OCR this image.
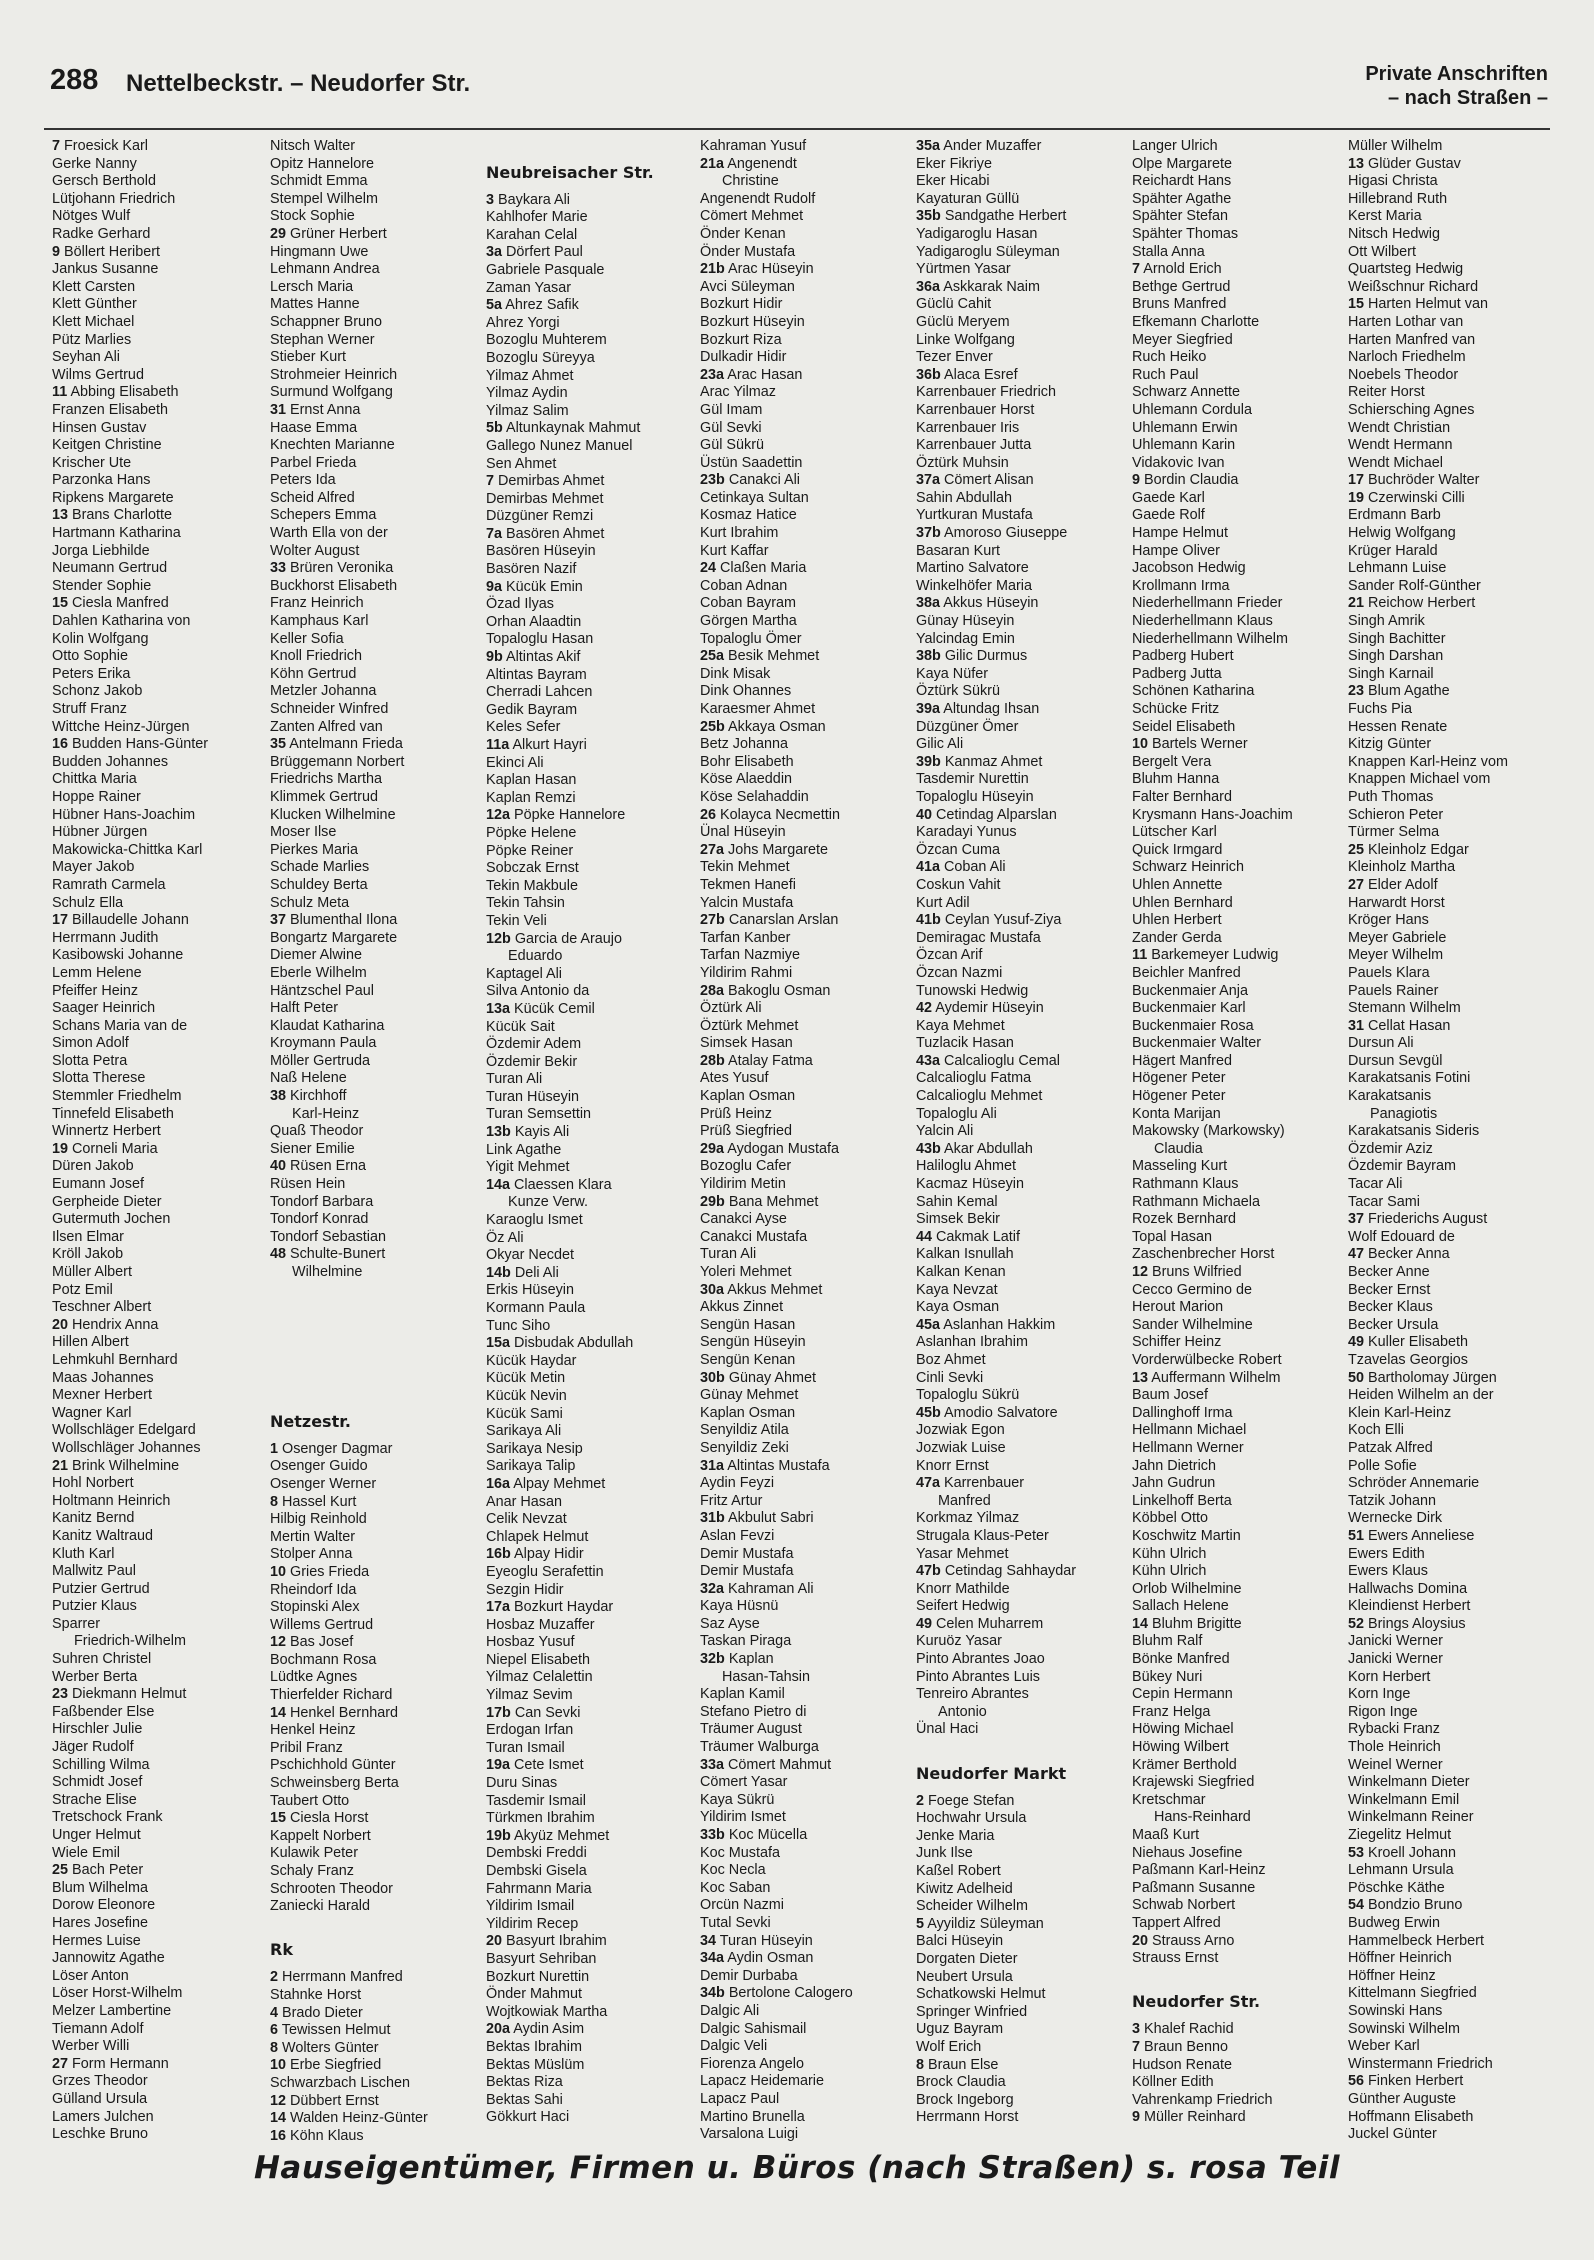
288 Nettelbeckstr. – Neudorfer Str.	Private Anschriften
– nach Straßen –
7 Froesick Karl
Gerke Nanny
Gersch Berthold
Lütjohann Friedrich
Nötges Wulf
Radke Gerhard
9 Böllert Heribert
Jankus Susanne
Klett Carsten
Klett Günther
Klett Michael
Pütz Marlies
Seyhan Ali
Wilms Gertrud
11 Abbing Elisabeth
Franzen Elisabeth
Hinsen Gustav
Keitgen Christine
Krischer Ute
Parzonka Hans
Ripkens Margarete
13 Brans Charlotte
Hartmann Katharina
Jorga Liebhilde
Neumann Gertrud
Stender Sophie
15 Ciesla Manfred
Dahlen Katharina von
Kolin Wolfgang
Otto Sophie
Peters Erika
Schonz Jakob
Struff Franz
Wittche Heinz-Jürgen
16 Budden Hans-Günter
Budden Johannes
Chittka Maria
Hoppe Rainer
Hübner Hans-Joachim
Hübner Jürgen
Makowicka-Chittka Karl
Mayer Jakob
Ramrath Carmela
Schulz Ella
17 Billaudelle Johann
Herrmann Judith
Kasibowski Johanne
Lemm Helene
Pfeiffer Heinz
Saager Heinrich
Schans Maria van de
Simon Adolf
Slotta Petra
Slotta Therese
Stemmler Friedhelm
Tinnefeld Elisabeth
Winnertz Herbert
19 Corneli Maria
Düren Jakob
Eumann Josef
Gerpheide Dieter
Gutermuth Jochen
Ilsen Elmar
Kröll Jakob
Müller Albert
Potz Emil
Teschner Albert
20 Hendrix Anna
Hillen Albert
Lehmkuhl Bernhard
Maas Johannes
Mexner Herbert
Wagner Karl
Wollschläger Edelgard
Wollschläger Johannes
21 Brink Wilhelmine
Hohl Norbert
Holtmann Heinrich
Kanitz Bernd
Kanitz Waltraud
Kluth Karl
Mallwitz Paul
Putzier Gertrud
Putzier Klaus
Sparrer
Friedrich-Wilhelm
Suhren Christel
Werber Berta
23 Diekmann Helmut
Faßbender Else
Hirschler Julie
Jäger Rudolf
Schilling Wilma
Schmidt Josef
Strache Elise
Tretschock Frank
Unger Helmut
Wiele Emil
25 Bach Peter
Blum Wilhelma
Dorow Eleonore
Hares Josefine
Hermes Luise
Jannowitz Agathe
Löser Anton
Löser Horst-Wilhelm
Melzer Lambertine
Tiemann Adolf
Werber Willi
27 Form Hermann
Grzes Theodor
Gülland Ursula
Lamers Julchen
Leschke Bruno
Nitsch Walter
Opitz Hannelore
Schmidt Emma
Stempel Wilhelm
Stock Sophie
29 Grüner Herbert
Hingmann Uwe
Lehmann Andrea
Lersch Maria
Mattes Hanne
Schappner Bruno
Stephan Werner
Stieber Kurt
Strohmeier Heinrich
Surmund Wolfgang
31 Ernst Anna
Haase Emma
Knechten Marianne
Parbel Frieda
Peters Ida
Scheid Alfred
Schepers Emma
Warth Ella von der
Wolter August
33 Brüren Veronika
Buckhorst Elisabeth
Franz Heinrich
Kamphaus Karl
Keller Sofia
Knoll Friedrich
Köhn Gertrud
Metzler Johanna
Schneider Winfred
Zanten Alfred van
35 Antelmann Frieda
Brüggemann Norbert
Friedrichs Martha
Klimmek Gertrud
Klucken Wilhelmine
Moser Ilse
Pierkes Maria
Schade Marlies
Schuldey Berta
Schulz Meta
37 Blumenthal Ilona
Bongartz Margarete
Diemer Alwine
Eberle Wilhelm
Häntzschel Paul
Halft Peter
Klaudat Katharina
Kroymann Paula
Möller Gertruda
Naß Helene
38 Kirchhoff
Karl-Heinz
Quaß Theodor
Siener Emilie
40 Rüsen Erna
Rüsen Hein
Tondorf Barbara
Tondorf Konrad
Tondorf Sebastian
48 Schulte-Bunert
Wilhelmine
Netzestr.
1 Osenger Dagmar
Osenger Guido
Osenger Werner
8 Hassel Kurt
Hilbig Reinhold
Mertin Walter
Stolper Anna
10 Gries Frieda
Rheindorf Ida
Stopinski Alex
Willems Gertrud
12 Bas Josef
Bochmann Rosa
Lüdtke Agnes
Thierfelder Richard
14 Henkel Bernhard
Henkel Heinz
Pribil Franz
Pschichhold Günter
Schweinsberg Berta
Taubert Otto
15 Ciesla Horst
Kappelt Norbert
Kulawik Peter
Schaly Franz
Schrooten Theodor
Zaniecki Harald
Rk
2 Herrmann Manfred
Stahnke Horst
4 Brado Dieter
6 Tewissen Helmut
8 Wolters Günter
10 Erbe Siegfried
Schwarzbach Lischen
12 Dübbert Ernst
14 Walden Heinz-Günter
16 Köhn Klaus
Neubreisacher Str.
3 Baykara Ali
Kahlhofer Marie
Karahan Celal
3a Dörfert Paul
Gabriele Pasquale
Zaman Yasar
5a Ahrez Safik
Ahrez Yorgi
Bozoglu Muhterem
Bozoglu Süreyya
Yilmaz Ahmet
Yilmaz Aydin
Yilmaz Salim
5b Altunkaynak Mahmut
Gallego Nunez Manuel
Sen Ahmet
7 Demirbas Ahmet
Demirbas Mehmet
Düzgüner Remzi
7a Basören Ahmet
Basören Hüseyin
Basören Nazif
9a Kücük Emin
Özad Ilyas
Orhan Alaadtin
Topaloglu Hasan
9b Altintas Akif
Altintas Bayram
Cherradi Lahcen
Gedik Bayram
Keles Sefer
11a Alkurt Hayri
Ekinci Ali
Kaplan Hasan
Kaplan Remzi
12a Pöpke Hannelore
Pöpke Helene
Pöpke Reiner
Sobczak Ernst
Tekin Makbule
Tekin Tahsin
Tekin Veli
12b Garcia de Araujo
Eduardo
Kaptagel Ali
Silva Antonio da
13a Kücük Cemil
Kücük Sait
Özdemir Adem
Özdemir Bekir
Turan Ali
Turan Hüseyin
Turan Semsettin
13b Kayis Ali
Link Agathe
Yigit Mehmet
14a Claessen Klara
Kunze Verw.
Karaoglu Ismet
Öz Ali
Okyar Necdet
14b Deli Ali
Erkis Hüseyin
Kormann Paula
Tunc Siho
15a Disbudak Abdullah
Kücük Haydar
Kücük Metin
Kücük Nevin
Kücük Sami
Sarikaya Ali
Sarikaya Nesip
Sarikaya Talip
16a Alpay Mehmet
Anar Hasan
Celik Nevzat
Chlapek Helmut
16b Alpay Hidir
Eyeoglu Serafettin
Sezgin Hidir
17a Bozkurt Haydar
Hosbaz Muzaffer
Hosbaz Yusuf
Niepel Elisabeth
Yilmaz Celalettin
Yilmaz Sevim
17b Can Sevki
Erdogan Irfan
Turan Ismail
19a Cete Ismet
Duru Sinas
Tasdemir Ismail
Türkmen Ibrahim
19b Akyüz Mehmet
Dembski Freddi
Dembski Gisela
Fahrmann Maria
Yildirim Ismail
Yildirim Recep
20 Basyurt Ibrahim
Basyurt Sehriban
Bozkurt Nurettin
Önder Mahmut
Wojtkowiak Martha
20a Aydin Asim
Bektas Ibrahim
Bektas Müslüm
Bektas Riza
Bektas Sahi
Gökkurt Haci
Kahraman Yusuf
21a Angenendt
Christine
Angenendt Rudolf
Cömert Mehmet
Önder Kenan
Önder Mustafa
21b Arac Hüseyin
Avci Süleyman
Bozkurt Hidir
Bozkurt Hüseyin
Bozkurt Riza
Dulkadir Hidir
23a Arac Hasan
Arac Yilmaz
Gül Imam
Gül Sevki
Gül Sükrü
Üstün Saadettin
23b Canakci Ali
Cetinkaya Sultan
Kosmaz Hatice
Kurt Ibrahim
Kurt Kaffar
24 Claßen Maria
Coban Adnan
Coban Bayram
Görgen Martha
Topaloglu Ömer
25a Besik Mehmet
Dink Misak
Dink Ohannes
Karaesmer Ahmet
25b Akkaya Osman
Betz Johanna
Bohr Elisabeth
Köse Alaeddin
Köse Selahaddin
26 Kolayca Necmettin
Ünal Hüseyin
27a Johs Margarete
Tekin Mehmet
Tekmen Hanefi
Yalcin Mustafa
27b Canarslan Arslan
Tarfan Kanber
Tarfan Nazmiye
Yildirim Rahmi
28a Bakoglu Osman
Öztürk Ali
Öztürk Mehmet
Simsek Hasan
28b Atalay Fatma
Ates Yusuf
Kaplan Osman
Prüß Heinz
Prüß Siegfried
29a Aydogan Mustafa
Bozoglu Cafer
Yildirim Metin
29b Bana Mehmet
Canakci Ayse
Canakci Mustafa
Turan Ali
Yoleri Mehmet
30a Akkus Mehmet
Akkus Zinnet
Sengün Hasan
Sengün Hüseyin
Sengün Kenan
30b Günay Ahmet
Günay Mehmet
Kaplan Osman
Senyildiz Atila
Senyildiz Zeki
31a Altintas Mustafa
Aydin Feyzi
Fritz Artur
31b Akbulut Sabri
Aslan Fevzi
Demir Mustafa
Demir Mustafa
32a Kahraman Ali
Kaya Hüsnü
Saz Ayse
Taskan Piraga
32b Kaplan
Hasan-Tahsin
Kaplan Kamil
Stefano Pietro di
Träumer August
Träumer Walburga
33a Cömert Mahmut
Cömert Yasar
Kaya Sükrü
Yildirim Ismet
33b Koc Mücella
Koc Mustafa
Koc Necla
Koc Saban
Orcün Nazmi
Tutal Sevki
34 Turan Hüseyin
34a Aydin Osman
Demir Durbaba
34b Bertolone Calogero
Dalgic Ali
Dalgic Sahismail
Dalgic Veli
Fiorenza Angelo
Lapacz Heidemarie
Lapacz Paul
Martino Brunella
Varsalona Luigi
35a Ander Muzaffer
Eker Fikriye
Eker Hicabi
Kayaturan Güllü
35b Sandgathe Herbert
Yadigaroglu Hasan
Yadigaroglu Süleyman
Yürtmen Yasar
36a Askkarak Naim
Güclü Cahit
Güclü Meryem
Linke Wolfgang
Tezer Enver
36b Alaca Esref
Karrenbauer Friedrich
Karrenbauer Horst
Karrenbauer Iris
Karrenbauer Jutta
Öztürk Muhsin
37a Cömert Alisan
Sahin Abdullah
Yurtkuran Mustafa
37b Amoroso Giuseppe
Basaran Kurt
Martino Salvatore
Winkelhöfer Maria
38a Akkus Hüseyin
Günay Hüseyin
Yalcindag Emin
38b Gilic Durmus
Kaya Nüfer
Öztürk Sükrü
39a Altundag Ihsan
Düzgüner Ömer
Gilic Ali
39b Kanmaz Ahmet
Tasdemir Nurettin
Topaloglu Hüseyin
40 Cetindag Alparslan
Karadayi Yunus
Özcan Cuma
41a Coban Ali
Coskun Vahit
Kurt Adil
41b Ceylan Yusuf-Ziya
Demiragac Mustafa
Özcan Arif
Özcan Nazmi
Tunowski Hedwig
42 Aydemir Hüseyin
Kaya Mehmet
Tuzlacik Hasan
43a Calcalioglu Cemal
Calcalioglu Fatma
Calcalioglu Mehmet
Topaloglu Ali
Yalcin Ali
43b Akar Abdullah
Haliloglu Ahmet
Kacmaz Hüseyin
Sahin Kemal
Simsek Bekir
44 Cakmak Latif
Kalkan Isnullah
Kalkan Kenan
Kaya Nevzat
Kaya Osman
45a Aslanhan Hakkim
Aslanhan Ibrahim
Boz Ahmet
Cinli Sevki
Topaloglu Sükrü
45b Amodio Salvatore
Jozwiak Egon
Jozwiak Luise
Knorr Ernst
47a Karrenbauer
Manfred
Korkmaz Yilmaz
Strugala Klaus-Peter
Yasar Mehmet
47b Cetindag Sahhaydar
Knorr Mathilde
Seifert Hedwig
49 Celen Muharrem
Kuruöz Yasar
Pinto Abrantes Joao
Pinto Abrantes Luis
Tenreiro Abrantes
Antonio
Ünal Haci
Neudorfer Markt
2 Foege Stefan
Hochwahr Ursula
Jenke Maria
Junk Ilse
Kaßel Robert
Kiwitz Adelheid
Scheider Wilhelm
5 Ayyildiz Süleyman
Balci Hüseyin
Dorgaten Dieter
Neubert Ursula
Schatkowski Helmut
Springer Winfried
Uguz Bayram
Wolf Erich
8 Braun Else
Brock Claudia
Brock Ingeborg
Herrmann Horst
Langer Ulrich
Olpe Margarete
Reichardt Hans
Spähter Agathe
Spähter Stefan
Spähter Thomas
Stalla Anna
7 Arnold Erich
Bethge Gertrud
Bruns Manfred
Efkemann Charlotte
Meyer Siegfried
Ruch Heiko
Ruch Paul
Schwarz Annette
Uhlemann Cordula
Uhlemann Erwin
Uhlemann Karin
Vidakovic Ivan
9 Bordin Claudia
Gaede Karl
Gaede Rolf
Hampe Helmut
Hampe Oliver
Jacobson Hedwig
Krollmann Irma
Niederhellmann Frieder
Niederhellmann Klaus
Niederhellmann Wilhelm
Padberg Hubert
Padberg Jutta
Schönen Katharina
Schücke Fritz
Seidel Elisabeth
10 Bartels Werner
Bergelt Vera
Bluhm Hanna
Falter Bernhard
Krysmann Hans-Joachim
Lütscher Karl
Quick Irmgard
Schwarz Heinrich
Uhlen Annette
Uhlen Bernhard
Uhlen Herbert
Zander Gerda
11 Barkemeyer Ludwig
Beichler Manfred
Buckenmaier Anja
Buckenmaier Karl
Buckenmaier Rosa
Buckenmaier Walter
Hägert Manfred
Högener Peter
Högener Peter
Konta Marijan
Makowsky (Markowsky)
Claudia
Masseling Kurt
Rathmann Klaus
Rathmann Michaela
Rozek Bernhard
Topal Hasan
Zaschenbrecher Horst
12 Bruns Wilfried
Cecco Germino de
Herout Marion
Sander Wilhelmine
Schiffer Heinz
Vorderwülbecke Robert
13 Auffermann Wilhelm
Baum Josef
Dallinghoff Irma
Hellmann Michael
Hellmann Werner
Jahn Dietrich
Jahn Gudrun
Linkelhoff Berta
Köbbel Otto
Koschwitz Martin
Kühn Ulrich
Kühn Ulrich
Orlob Wilhelmine
Sallach Helene
14 Bluhm Brigitte
Bluhm Ralf
Bönke Manfred
Bükey Nuri
Cepin Hermann
Franz Helga
Höwing Michael
Höwing Wilbert
Krämer Berthold
Krajewski Siegfried
Kretschmar
Hans-Reinhard
Maaß Kurt
Niehaus Josefine
Paßmann Karl-Heinz
Paßmann Susanne
Schwab Norbert
Tappert Alfred
20 Strauss Arno
Strauss Ernst
Neudorfer Str.
3 Khalef Rachid
7 Braun Benno
Hudson Renate
Köllner Edith
Vahrenkamp Friedrich
9 Müller Reinhard
Müller Wilhelm
13 Glüder Gustav
Higasi Christa
Hillebrand Ruth
Kerst Maria
Nitsch Hedwig
Ott Wilbert
Quartsteg Hedwig
Weißschnur Richard
15 Harten Helmut van
Harten Lothar van
Harten Manfred van
Narloch Friedhelm
Noebels Theodor
Reiter Horst
Schiersching Agnes
Wendt Christian
Wendt Hermann
Wendt Michael
17 Buchröder Walter
19 Czerwinski Cilli
Erdmann Barb
Helwig Wolfgang
Krüger Harald
Lehmann Luise
Sander Rolf-Günther
21 Reichow Herbert
Singh Amrik
Singh Bachitter
Singh Darshan
Singh Karnail
23 Blum Agathe
Fuchs Pia
Hessen Renate
Kitzig Günter
Knappen Karl-Heinz vom
Knappen Michael vom
Puth Thomas
Schieron Peter
Türmer Selma
25 Kleinholz Edgar
Kleinholz Martha
27 Elder Adolf
Harwardt Horst
Kröger Hans
Meyer Gabriele
Meyer Wilhelm
Pauels Klara
Pauels Rainer
Stemann Wilhelm
31 Cellat Hasan
Dursun Ali
Dursun Sevgül
Karakatsanis Fotini
Karakatsanis
Panagiotis
Karakatsanis Sideris
Özdemir Aziz
Özdemir Bayram
Tacar Ali
Tacar Sami
37 Friederichs August
Wolf Edouard de
47 Becker Anna
Becker Anne
Becker Ernst
Becker Klaus
Becker Ursula
49 Kuller Elisabeth
Tzavelas Georgios
50 Bartholomay Jürgen
Heiden Wilhelm an der
Klein Karl-Heinz
Koch Elli
Patzak Alfred
Polle Sofie
Schröder Annemarie
Tatzik Johann
Wernecke Dirk
51 Ewers Anneliese
Ewers Edith
Ewers Klaus
Hallwachs Domina
Kleindienst Herbert
52 Brings Aloysius
Janicki Werner
Janicki Werner
Korn Herbert
Korn Inge
Rigon Inge
Rybacki Franz
Thole Heinrich
Weinel Werner
Winkelmann Dieter
Winkelmann Emil
Winkelmann Reiner
Ziegelitz Helmut
53 Kroell Johann
Lehmann Ursula
Pöschke Käthe
54 Bondzio Bruno
Budweg Erwin
Hammelbeck Herbert
Höffner Heinrich
Höffner Heinz
Kittelmann Siegfried
Sowinski Hans
Sowinski Wilhelm
Weber Karl
Winstermann Friedrich
56 Finken Herbert
Günther Auguste
Hoffmann Elisabeth
Juckel Günter
Hauseigentümer, Firmen u. Büros (nach Straßen) s. rosa Teil
